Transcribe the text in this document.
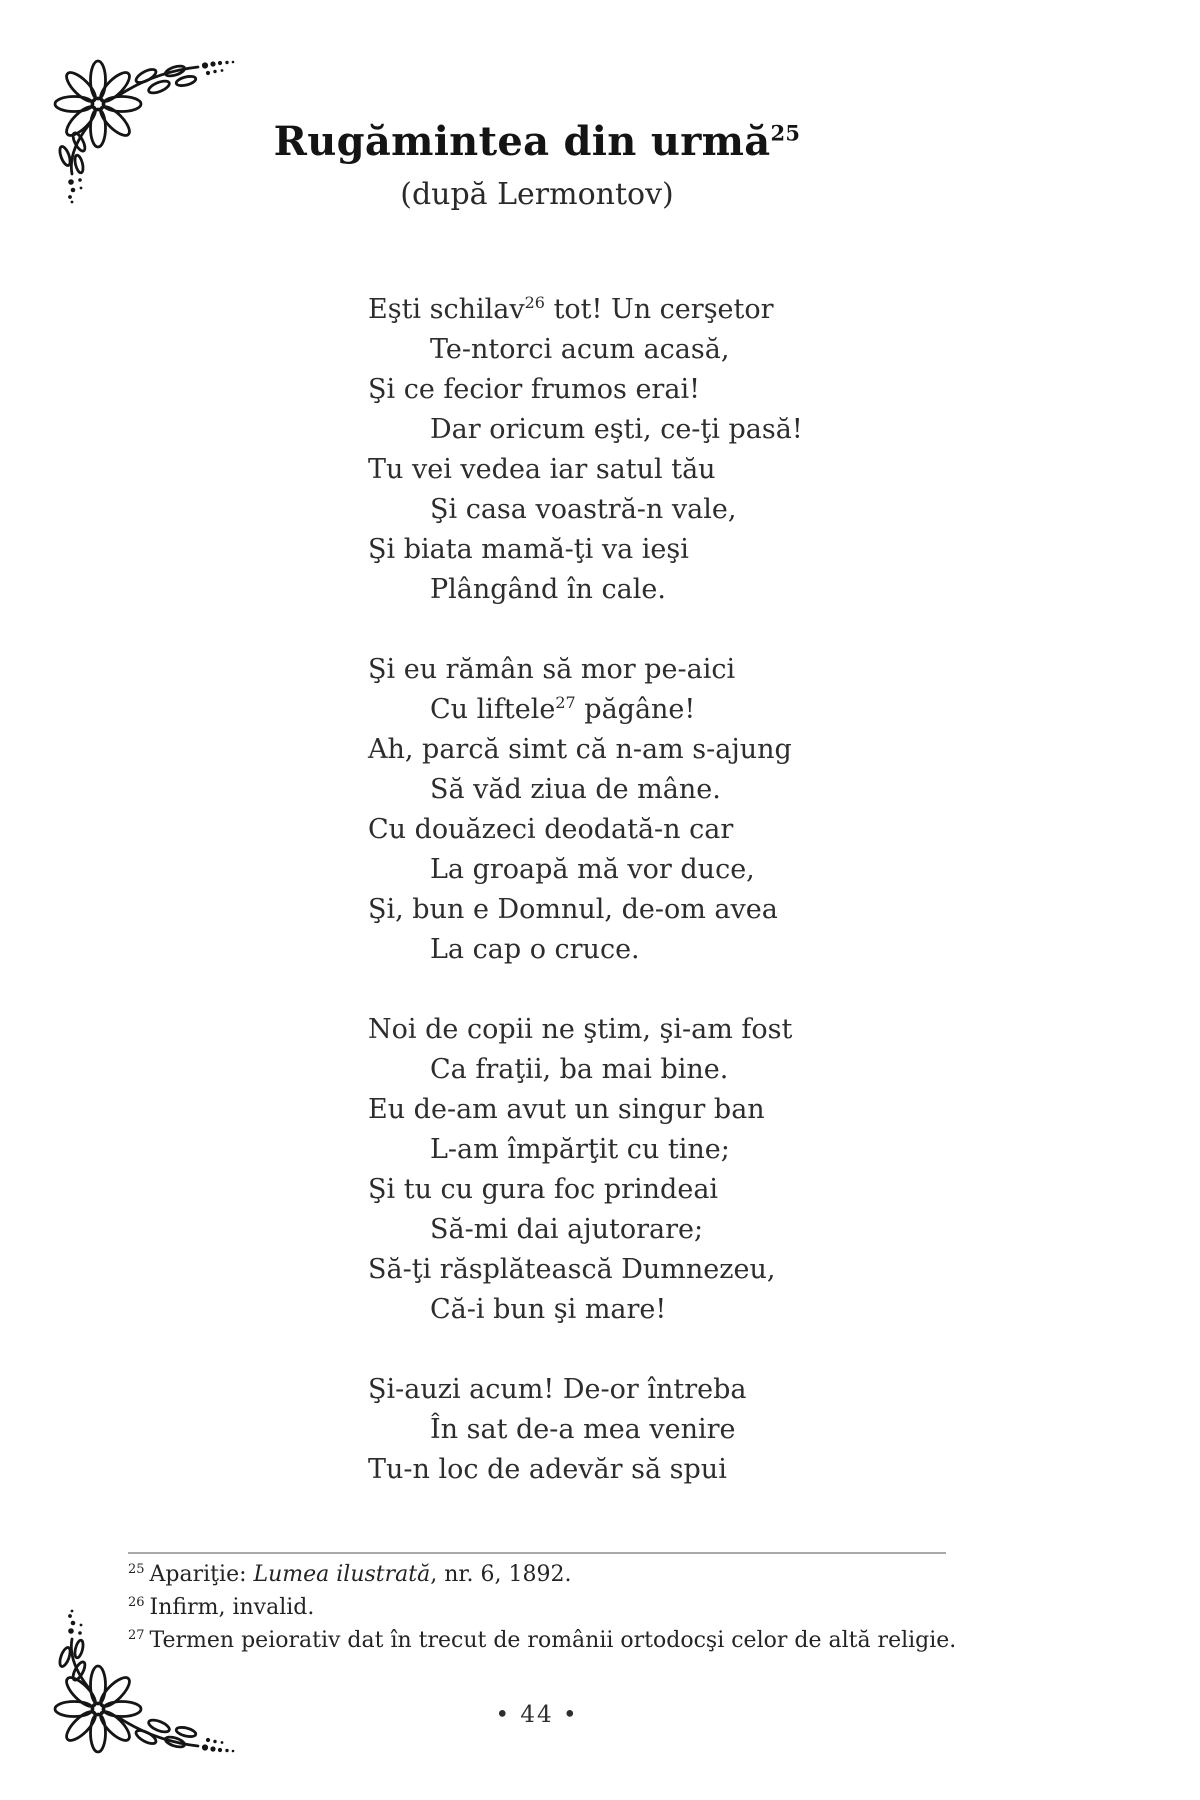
Rugămintea din urmă$^{25}$
(după Lermontov)
Eşti schilav$^{26}$ tot! Un cerşetor
Te-ntorci acum acasă,
Şi ce fecior frumos erai!
Dar oricum eşti, ce-ţi pasă!
Tu vei vedea iar satul tău
Şi casa voastră-n vale,
Şi biata mamă-ţi va ieşi
Plângând în cale.
Şi eu rămân să mor pe-aici
Cu liftele$^{27}$ păgâne!
Ah, parcă simt că n-am s-ajung
Să văd ziua de mâne.
Cu douăzeci deodată-n car
La groapă mă vor duce,
Şi, bun e Domnul, de-om avea
La cap o cruce.
Noi de copii ne ştim, şi-am fost
Ca fraţii, ba mai bine.
Eu de-am avut un singur ban
L-am împărţit cu tine;
Şi tu cu gura foc prindeai
Să-mi dai ajutorare;
Să-ţi răsplătească Dumnezeu,
Că-i bun şi mare!
Şi-auzi acum! De-or întreba
În sat de-a mea venire
Tu-n loc de adevăr să spui
$^{25}$ Apariţie: Lumea ilustrată, nr. 6, 1892.
$^{26}$ Infirm, invalid.
$^{27}$ Termen peiorativ dat în trecut de românii ortodocşi celor de altă religie.
• 44 •
